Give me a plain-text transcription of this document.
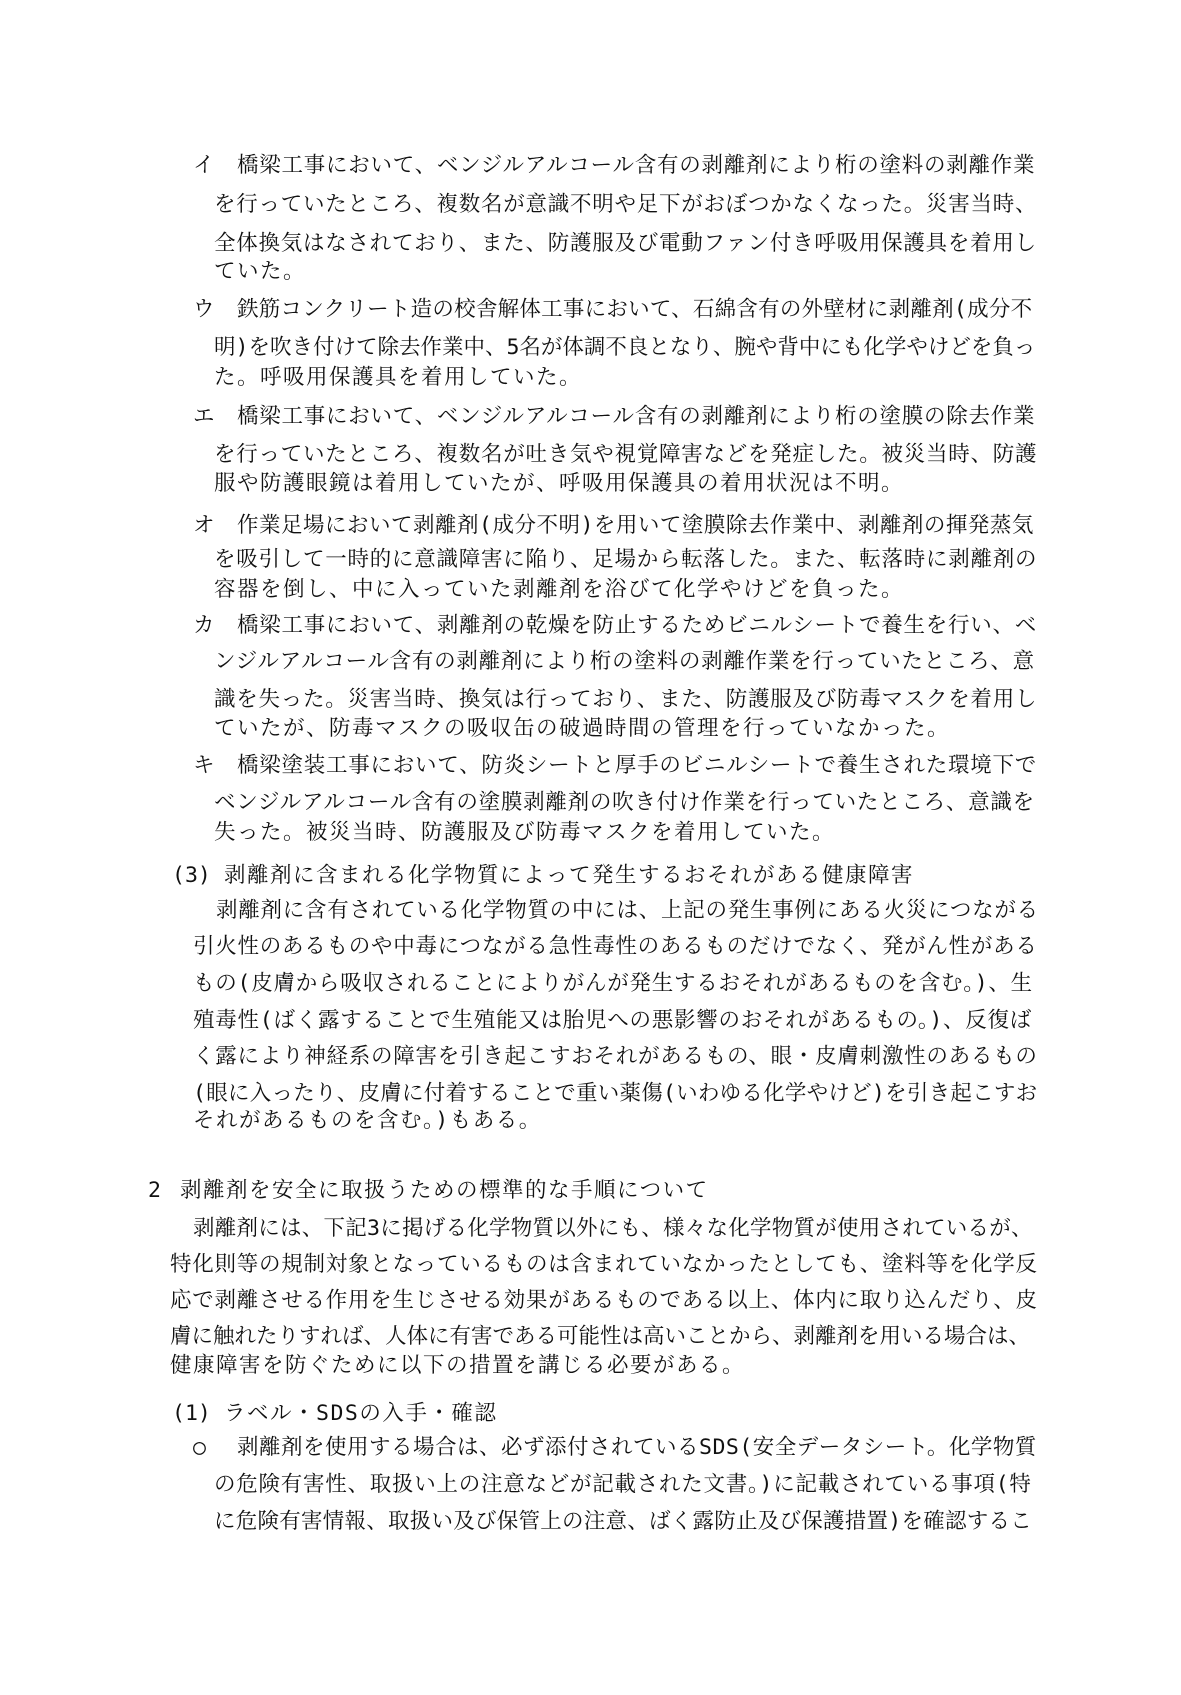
イ 橋梁工事において、ベンジルアルコール含有の剥離剤により桁の塗料の剥離作業
を行っていたところ、複数名が意識不明や足下がおぼつかなくなった。災害当時、
全体換気はなされており、また、防護服及び電動ファン付き呼吸用保護具を着用し
ていた。
ウ 鉄筋コンクリート造の校舎解体工事において、石綿含有の外壁材に剥離剤(成分不
明)を吹き付けて除去作業中、5名が体調不良となり、腕や背中にも化学やけどを負っ
た。呼吸用保護具を着用していた。
エ 橋梁工事において、ベンジルアルコール含有の剥離剤により桁の塗膜の除去作業
を行っていたところ、複数名が吐き気や視覚障害などを発症した。被災当時、防護
服や防護眼鏡は着用していたが、呼吸用保護具の着用状況は不明。
オ 作業足場において剥離剤(成分不明)を用いて塗膜除去作業中、剥離剤の揮発蒸気
を吸引して一時的に意識障害に陥り、足場から転落した。また、転落時に剥離剤の
容器を倒し、中に入っていた剥離剤を浴びて化学やけどを負った。
カ 橋梁工事において、剥離剤の乾燥を防止するためビニルシートで養生を行い、ベ
ンジルアルコール含有の剥離剤により桁の塗料の剥離作業を行っていたところ、意
識を失った。災害当時、換気は行っており、また、防護服及び防毒マスクを着用し
ていたが、防毒マスクの吸収缶の破過時間の管理を行っていなかった。
キ 橋梁塗装工事において、防炎シートと厚手のビニルシートで養生された環境下で
ベンジルアルコール含有の塗膜剥離剤の吹き付け作業を行っていたところ、意識を
失った。被災当時、防護服及び防毒マスクを着用していた。
(3) 剥離剤に含まれる化学物質によって発生するおそれがある健康障害
剥離剤に含有されている化学物質の中には、上記の発生事例にある火災につながる
引火性のあるものや中毒につながる急性毒性のあるものだけでなく、発がん性がある
もの(皮膚から吸収されることによりがんが発生するおそれがあるものを含む。)、生
殖毒性(ばく露することで生殖能又は胎児への悪影響のおそれがあるもの。)、反復ば
く露により神経系の障害を引き起こすおそれがあるもの、眼・皮膚刺激性のあるもの
(眼に入ったり、皮膚に付着することで重い薬傷(いわゆる化学やけど)を引き起こすお
それがあるものを含む。)もある。
2 剥離剤を安全に取扱うための標準的な手順について
剥離剤には、下記3に掲げる化学物質以外にも、様々な化学物質が使用されているが、
特化則等の規制対象となっているものは含まれていなかったとしても、塗料等を化学反
応で剥離させる作用を生じさせる効果があるものである以上、体内に取り込んだり、皮
膚に触れたりすれば、人体に有害である可能性は高いことから、剥離剤を用いる場合は、
健康障害を防ぐために以下の措置を講じる必要がある。
(1) ラベル・SDSの入手・確認
○ 剥離剤を使用する場合は、必ず添付されているSDS(安全データシート。化学物質
の危険有害性、取扱い上の注意などが記載された文書。)に記載されている事項(特
に危険有害情報、取扱い及び保管上の注意、ばく露防止及び保護措置)を確認するこ
